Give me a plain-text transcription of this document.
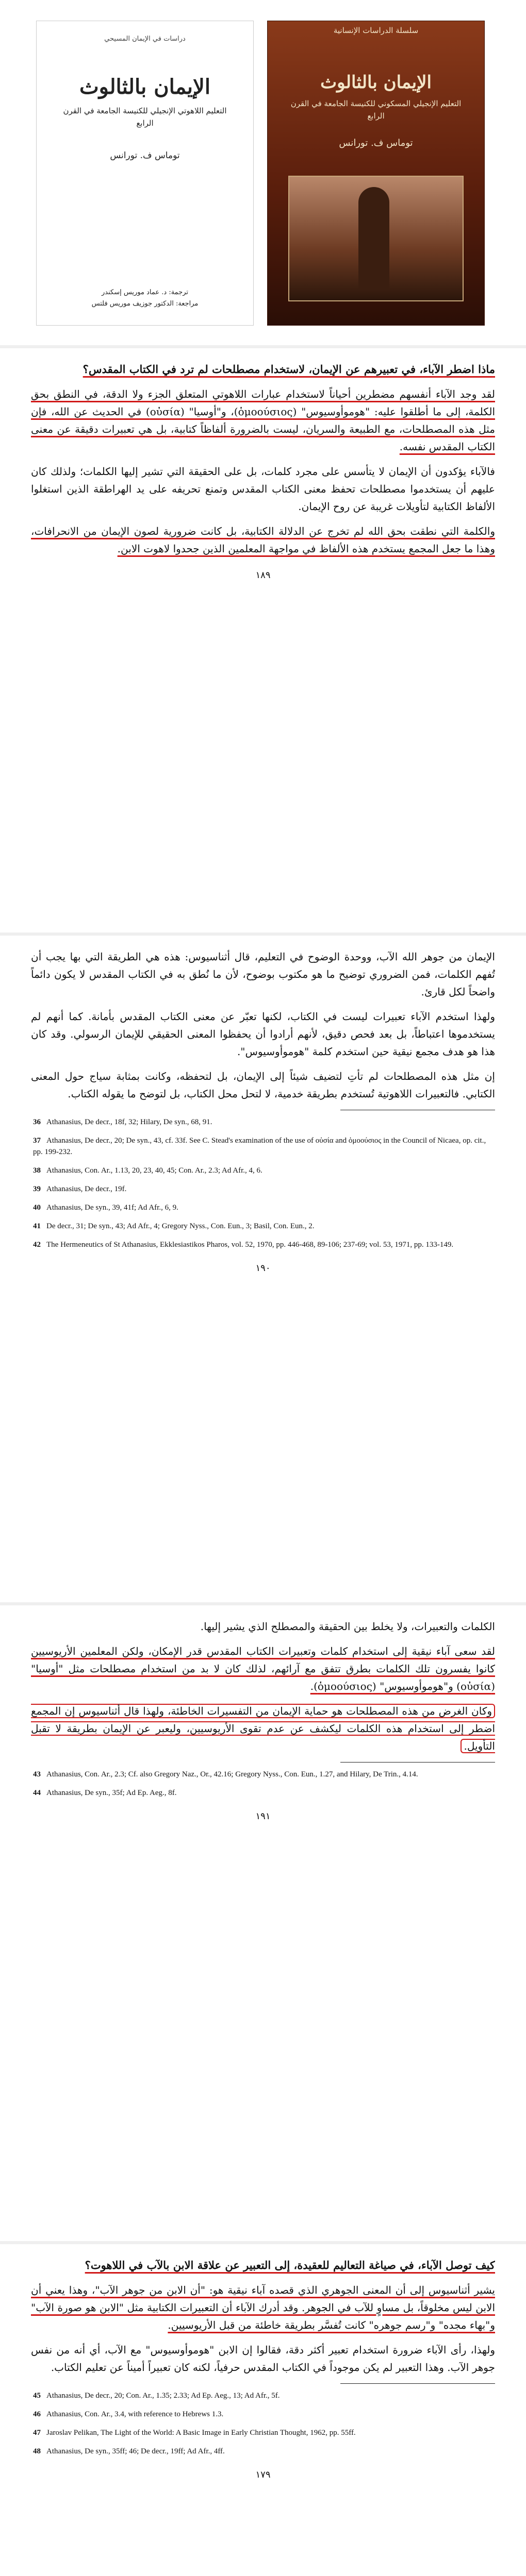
دراسات في الإيمان المسيحي
الإيمان بالثالوث
التعليم اللاهوتي الإنجيلي للكنيسة الجامعة في القرن الرابع
توماس ف. تورانس
ترجمة: د. عماد موريس إسكندر
مراجعة: الدكتور جوزيف موريس فلتس
سلسلة الدراسات الإنسانية
الإيمان بالثالوث
التعليم الإنجيلي المسكوني للكنيسة الجامعة في القرن الرابع
توماس ف. تورانس

ماذا اضطر الآباء، في تعبيرهم عن الإيمان، لاستخدام مصطلحات لم ترد في الكتاب المقدس؟

لقد وجد الآباء أنفسهم مضطرين أحياناً لاستخدام عبارات اللاهوتي المتعلق الجزء ولا الدقة، في النطق بحق الكلمة، إلى ما أطلقوا عليه: "هوموأوسيوس" (ὁμοούσιος)، و"أوسيا" (οὐσία) في الحديث عن الله، فإن مثل هذه المصطلحات، مع الطبيعة والسريان، ليست بالضرورة ألفاظاً كتابية، بل هي تعبيرات دقيقة عن معنى الكتاب المقدس نفسه.

فالآباء يؤكدون أن الإيمان لا يتأسس على مجرد كلمات، بل على الحقيقة التي تشير إليها الكلمات؛ ولذلك كان عليهم أن يستخدموا مصطلحات تحفظ معنى الكتاب المقدس وتمنع تحريفه على يد الهراطقة الذين استغلوا الألفاظ الكتابية لتأويلات غريبة عن روح الإيمان.

والكلمة التي نطقت بحق الله لم تخرج عن الدلالة الكتابية، بل كانت ضرورية لصون الإيمان من الانحرافات، وهذا ما جعل المجمع يستخدم هذه الألفاظ في مواجهة المعلمين الذين جحدوا لاهوت الابن.

١٨٩

الإيمان من جوهر الله الآب، ووحدة الوضوح في التعليم، قال أثناسيوس: هذه هي الطريقة التي بها يجب أن تُفهم الكلمات، فمن الضروري توضيح ما هو مكتوب بوضوح، لأن ما نُطق به في الكتاب المقدس لا يكون دائماً واضحاً لكل قارئ.

ولهذا استخدم الآباء تعبيرات ليست في الكتاب، لكنها تعبّر عن معنى الكتاب المقدس بأمانة. كما أنهم لم يستخدموها اعتباطاً، بل بعد فحص دقيق، لأنهم أرادوا أن يحفظوا المعنى الحقيقي للإيمان الرسولي. وقد كان هذا هو هدف مجمع نيقية حين استخدم كلمة "هوموأوسيوس".

إن مثل هذه المصطلحات لم تأتِ لتضيف شيئاً إلى الإيمان، بل لتحفظه، وكانت بمثابة سياج حول المعنى الكتابي. فالتعبيرات اللاهوتية تُستخدم بطريقة خدمية، لا لتحل محل الكتاب، بل لتوضح ما يقوله الكتاب.

36 Athanasius, De decr., 18f, 32; Hilary, De syn., 68, 91.

37 Athanasius, De decr., 20; De syn., 43, cf. 33f. See C. Stead's examination of the use of οὐσία and ὁμοούσιος in the Council of Nicaea, op. cit., pp. 199-232.

38 Athanasius, Con. Ar., 1.13, 20, 23, 40, 45; Con. Ar., 2.3; Ad Afr., 4, 6.

39 Athanasius, De decr., 19f.

40 Athanasius, De syn., 39, 41f; Ad Afr., 6, 9.

41 De decr., 31; De syn., 43; Ad Afr., 4; Gregory Nyss., Con. Eun., 3; Basil, Con. Eun., 2.

42 The Hermeneutics of St Athanasius, Ekklesiastikos Pharos, vol. 52, 1970, pp. 446-468, 89-106; 237-69; vol. 53, 1971, pp. 133-149.

١٩٠

الكلمات والتعبيرات، ولا يخلط بين الحقيقة والمصطلح الذي يشير إليها.

لقد سعى آباء نيقية إلى استخدام كلمات وتعبيرات الكتاب المقدس قدر الإمكان، ولكن المعلمين الأريوسيين كانوا يفسرون تلك الكلمات بطرق تتفق مع آرائهم، لذلك كان لا بد من استخدام مصطلحات مثل "أوسيا" (οὐσία) و"هوموأوسيوس" (ὁμοούσιος).

وكان الغرض من هذه المصطلحات هو حماية الإيمان من التفسيرات الخاطئة، ولهذا قال أثناسيوس إن المجمع اضطر إلى استخدام هذه الكلمات ليكشف عن عدم تقوى الأريوسيين، وليعبر عن الإيمان بطريقة لا تقبل التأويل.

43 Athanasius, Con. Ar., 2.3; Cf. also Gregory Naz., Or., 42.16; Gregory Nyss., Con. Eun., 1.27, and Hilary, De Trin., 4.14.

44 Athanasius, De syn., 35f; Ad Ep. Aeg., 8f.

١٩١

كيف توصل الآباء، في صياغة التعاليم للعقيدة، إلى التعبير عن علاقة الابن بالآب في اللاهوت؟

يشير أثناسيوس إلى أن المعنى الجوهري الذي قصده آباء نيقية هو: "أن الابن من جوهر الآب"، وهذا يعني أن الابن ليس مخلوقاً، بل مساوٍ للآب في الجوهر. وقد أدرك الآباء أن التعبيرات الكتابية مثل "الابن هو صورة الآب" و"بهاء مجده" و"رسم جوهره" كانت تُفسَّر بطريقة خاطئة من قبل الأريوسيين.

ولهذا، رأى الآباء ضرورة استخدام تعبير أكثر دقة، فقالوا إن الابن "هوموأوسيوس" مع الآب، أي أنه من نفس جوهر الآب. وهذا التعبير لم يكن موجوداً في الكتاب المقدس حرفياً، لكنه كان تعبيراً أميناً عن تعليم الكتاب.

45 Athanasius, De decr., 20; Con. Ar., 1.35; 2.33; Ad Ep. Aeg., 13; Ad Afr., 5f.

46 Athanasius, Con. Ar., 3.4, with reference to Hebrews 1.3.

47 Jaroslav Pelikan, The Light of the World: A Basic Image in Early Christian Thought, 1962, pp. 55ff.

48 Athanasius, De syn., 35ff; 46; De decr., 19ff; Ad Afr., 4ff.

١٧٩
